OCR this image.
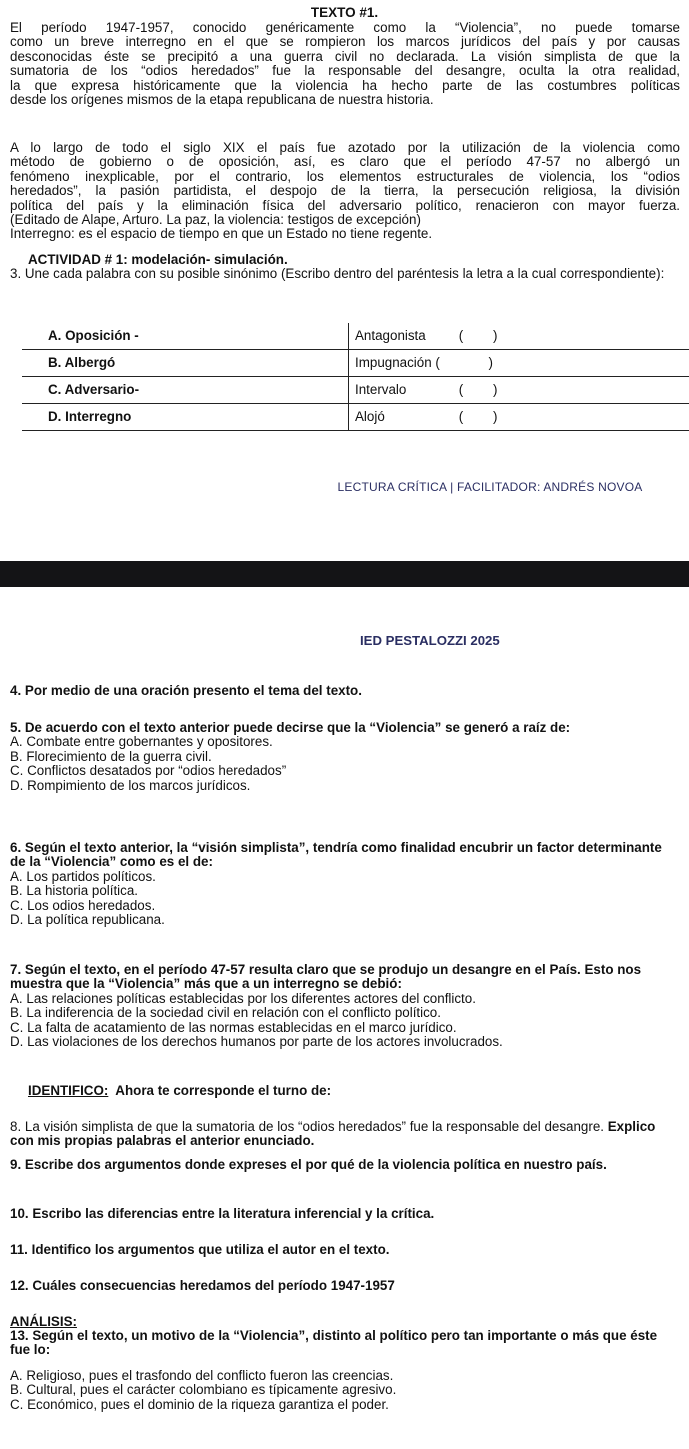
TEXTO #1.
El período 1947-1957, conocido genéricamente como la “Violencia”, no puede tomarse
como un breve interregno en el que se rompieron los marcos jurídicos del país y por causas
desconocidas éste se precipitó a una guerra civil no declarada. La visión simplista de que la
sumatoria de los “odios heredados” fue la responsable del desangre, oculta la otra realidad,
la que expresa históricamente que la violencia ha hecho parte de las costumbres políticas
desde los orígenes mismos de la etapa republicana de nuestra historia.
A lo largo de todo el siglo XIX el país fue azotado por la utilización de la violencia como
método de gobierno o de oposición, así, es claro que el período 47-57 no albergó un
fenómeno inexplicable, por el contrario, los elementos estructurales de violencia, los “odios
heredados”, la pasión partidista, el despojo de la tierra, la persecución religiosa, la división
política del país y la eliminación física del adversario político, renacieron con mayor fuerza.
(Editado de Alape, Arturo. La paz, la violencia: testigos de excepción)
Interregno: es el espacio de tiempo en que un Estado no tiene regente.
ACTIVIDAD # 1: modelación- simulación.
3. Une cada palabra con su posible sinónimo (Escribo dentro del paréntesis la letra a la cual correspondiente):
A. Oposición -	Antagonista (        )
B. Albergó	Impugnación (         )
C. Adversario-	Intervalo (        )
D. Interregno	Alojó (        )
LECTURA CRÍTICA | FACILITADOR: ANDRÉS NOVOA
IED PESTALOZZI 2025
4. Por medio de una oración presento el tema del texto.
5. De acuerdo con el texto anterior puede decirse que la “Violencia” se generó a raíz de:
A. Combate entre gobernantes y opositores.
B. Florecimiento de la guerra civil.
C. Conflictos desatados por “odios heredados”
D. Rompimiento de los marcos jurídicos.
6. Según el texto anterior, la “visión simplista”, tendría como finalidad encubrir un factor determinante de la “Violencia” como es el de:
A. Los partidos políticos.
B. La historia política.
C. Los odios heredados.
D. La política republicana.
7. Según el texto, en el período 47-57 resulta claro que se produjo un desangre en el País. Esto nos muestra que la “Violencia” más que a un interregno se debió:
A. Las relaciones políticas establecidas por los diferentes actores del conflicto.
B. La indiferencia de la sociedad civil en relación con el conflicto político.
C. La falta de acatamiento de las normas establecidas en el marco jurídico.
D. Las violaciones de los derechos humanos por parte de los actores involucrados.
IDENTIFICO:  Ahora te corresponde el turno de:
8. La visión simplista de que la sumatoria de los “odios heredados” fue la responsable del desangre. Explico con mis propias palabras el anterior enunciado.
9. Escribe dos argumentos donde expreses el por qué de la violencia política en nuestro país.
10. Escribo las diferencias entre la literatura inferencial y la crítica.
11. Identifico los argumentos que utiliza el autor en el texto.
12. Cuáles consecuencias heredamos del período 1947-1957
ANÁLISIS:
13. Según el texto, un motivo de la “Violencia”, distinto al político pero tan importante o más que éste fue lo:
A. Religioso, pues el trasfondo del conflicto fueron las creencias.
B. Cultural, pues el carácter colombiano es típicamente agresivo.
C. Económico, pues el dominio de la riqueza garantiza el poder.
